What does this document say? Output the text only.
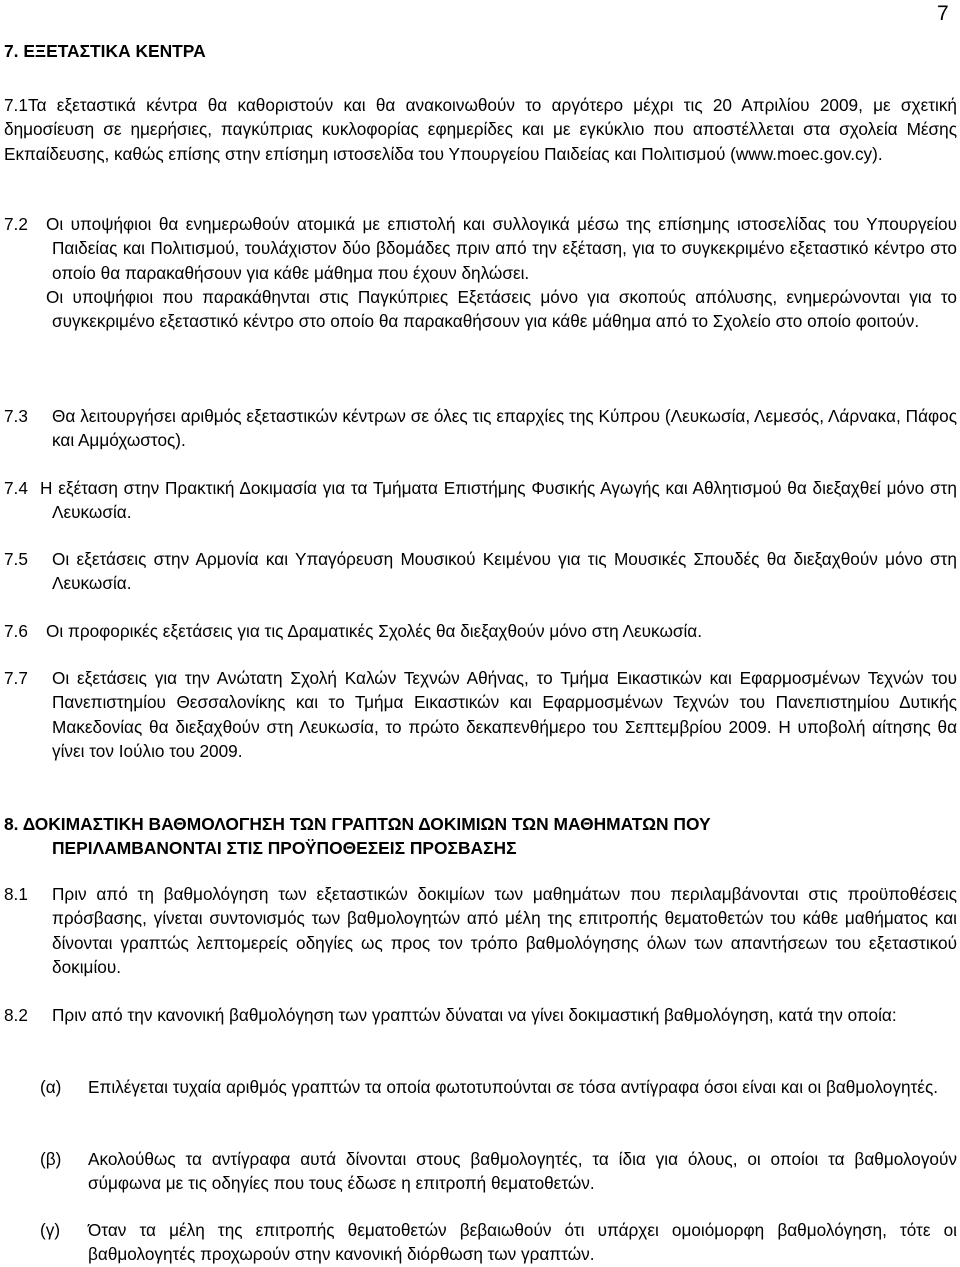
7
7. ΕΞΕΤΑΣΤΙΚΑ ΚΕΝΤΡΑ
7.1 Τα εξεταστικά κέντρα θα καθοριστούν και θα ανακοινωθούν το αργότερο μέχρι τις 20 Απριλίου 2009, με σχετική δημοσίευση σε ημερήσιες, παγκύπριας κυκλοφορίας εφημερίδες και με εγκύκλιο που αποστέλλεται στα σχολεία Μέσης Εκπαίδευσης, καθώς επίσης στην επίσημη ιστοσελίδα του Υπουργείου Παιδείας και Πολιτισμού (www.moec.gov.cy).
7.2	Οι υποψήφιοι θα ενημερωθούν ατομικά με επιστολή και συλλογικά μέσω της επίσημης ιστοσελίδας του Υπουργείου Παιδείας και Πολιτισμού, τουλάχιστον δύο βδομάδες πριν από την εξέταση, για το συγκεκριμένο εξεταστικό κέντρο στο οποίο θα παρακαθήσουν για κάθε μάθημα που έχουν δηλώσει.
Οι υποψήφιοι που παρακάθηνται στις Παγκύπριες Εξετάσεις μόνο για σκοπούς απόλυσης, ενημερώνονται για το συγκεκριμένο εξεταστικό κέντρο στο οποίο θα παρακαθήσουν για κάθε μάθημα από το Σχολείο στο οποίο φοιτούν.
7.3	Θα λειτουργήσει αριθμός εξεταστικών κέντρων σε όλες τις επαρχίες της Κύπρου (Λευκωσία, Λεμεσός, Λάρνακα, Πάφος και Αμμόχωστος).
7.4 Η εξέταση στην Πρακτική Δοκιμασία για τα Τμήματα Επιστήμης Φυσικής Αγωγής και Αθλητισμού θα διεξαχθεί μόνο στη Λευκωσία.
7.5	Οι εξετάσεις στην Αρμονία και Υπαγόρευση Μουσικού Κειμένου για τις Μουσικές Σπουδές θα διεξαχθούν μόνο στη Λευκωσία.
7.6	Οι προφορικές εξετάσεις για τις Δραματικές Σχολές θα διεξαχθούν μόνο στη Λευκωσία.
7.7	Οι εξετάσεις για την Ανώτατη Σχολή Καλών Τεχνών Αθήνας, το Τμήμα Εικαστικών και Εφαρμοσμένων Τεχνών του Πανεπιστημίου Θεσσαλονίκης και το Τμήμα Εικαστικών και Εφαρμοσμένων Τεχνών του Πανεπιστημίου Δυτικής Μακεδονίας θα διεξαχθούν στη Λευκωσία, το πρώτο δεκαπενθήμερο του Σεπτεμβρίου 2009. Η υποβολή αίτησης θα γίνει τον Ιούλιο του 2009.
8. ΔΟΚΙΜΑΣΤΙΚΗ ΒΑΘΜΟΛΟΓΗΣΗ ΤΩΝ ΓΡΑΠΤΩΝ ΔΟΚΙΜΙΩΝ ΤΩΝ ΜΑΘΗΜΑΤΩΝ ΠΟΥ
ΠΕΡΙΛΑΜΒΑΝΟΝΤΑΙ ΣΤΙΣ ΠΡΟΫΠΟΘΕΣΕΙΣ ΠΡΟΣΒΑΣΗΣ
8.1	Πριν από τη βαθμολόγηση των εξεταστικών δοκιμίων των μαθημάτων που περιλαμβάνονται στις προϋποθέσεις πρόσβασης, γίνεται συντονισμός των βαθμολογητών από μέλη της επιτροπής θεματοθετών του κάθε μαθήματος και δίνονται γραπτώς λεπτομερείς οδηγίες ως προς τον τρόπο βαθμολόγησης όλων των απαντήσεων του εξεταστικού δοκιμίου.
8.2	Πριν από την κανονική βαθμολόγηση των γραπτών δύναται να γίνει δοκιμαστική βαθμολόγηση, κατά την οποία:
(α)	Επιλέγεται τυχαία αριθμός γραπτών τα οποία φωτοτυπούνται σε τόσα αντίγραφα όσοι είναι και οι βαθμολογητές.
(β)	Ακολούθως τα αντίγραφα αυτά δίνονται στους βαθμολογητές, τα ίδια για όλους, οι οποίοι τα βαθμολογούν σύμφωνα με τις οδηγίες που τους έδωσε η επιτροπή θεματοθετών.
(γ)	Όταν τα μέλη της επιτροπής θεματοθετών βεβαιωθούν ότι υπάρχει ομοιόμορφη βαθμολόγηση, τότε οι βαθμολογητές προχωρούν στην κανονική διόρθωση των γραπτών.
